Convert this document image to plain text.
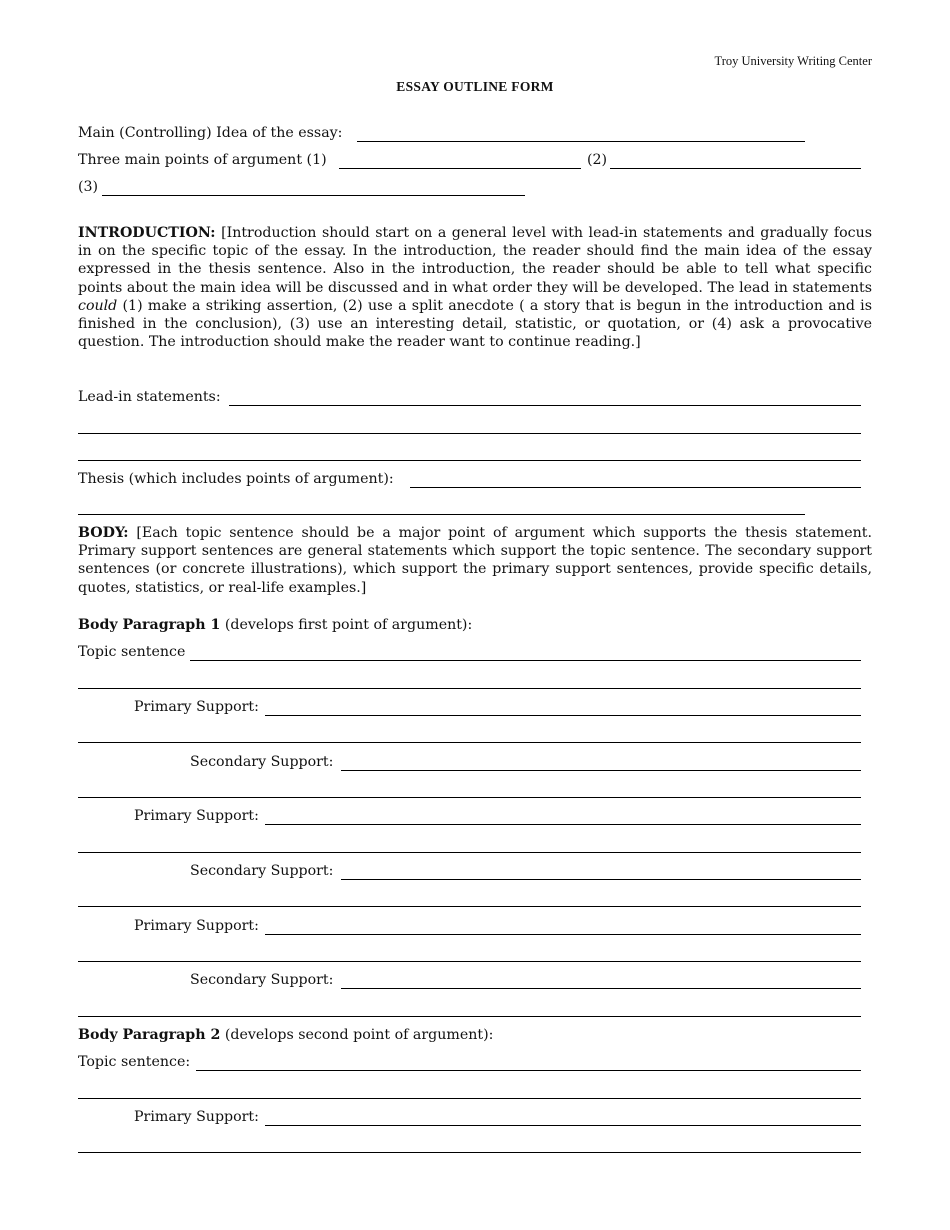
Troy University Writing Center
ESSAY OUTLINE FORM
Main (Controlling) Idea of the essay:
Three main points of argument (1)	(2)
(3)
INTRODUCTION: [Introduction should start on a general level with lead-in statements and gradually focus in on the specific topic of the essay. In the introduction, the reader should find the main idea of the essay expressed in the thesis sentence. Also in the introduction, the reader should be able to tell what specific points about the main idea will be discussed and in what order they will be developed. The lead in statements could (1) make a striking assertion, (2) use a split anecdote ( a story that is begun in the introduction and is finished in the conclusion), (3) use an interesting detail, statistic, or quotation, or (4) ask a provocative question. The introduction should make the reader want to continue reading.]
Lead-in statements:
Thesis (which includes points of argument):
BODY: [Each topic sentence should be a major point of argument which supports the thesis statement. Primary support sentences are general statements which support the topic sentence. The secondary support sentences (or concrete illustrations), which support the primary support sentences, provide specific details, quotes, statistics, or real-life examples.]
Body Paragraph 1 (develops first point of argument):
Topic sentence
Primary Support:
Secondary Support:
Primary Support:
Secondary Support:
Primary Support:
Secondary Support:
Body Paragraph 2 (develops second point of argument):
Topic sentence:
Primary Support:
